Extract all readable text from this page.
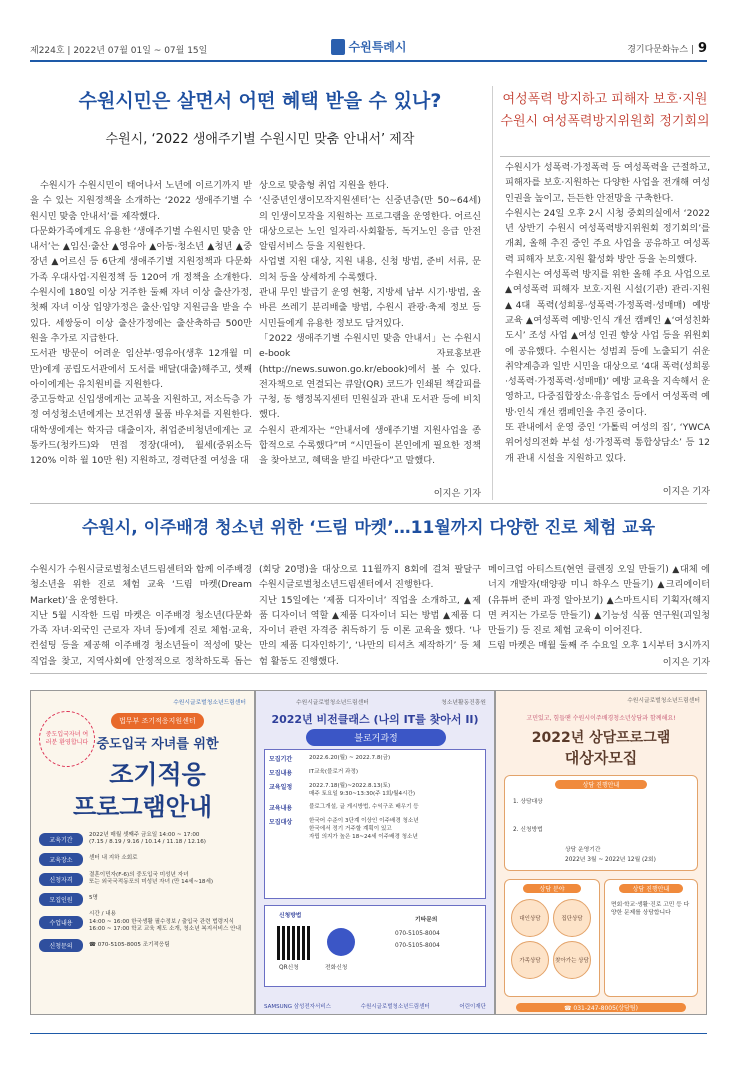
제224호 | 2022년 07월 01일 ~ 07월 15일	수원특례시	경기다문화뉴스 | 9
수원시민은 살면서 어떤 혜택 받을 수 있나?
수원시, ‘2022 생애주기별 수원시민 맞춤 안내서’ 제작
수원시가 수원시민이 태어나서 노년에 이르기까지 받을 수 있는 지원정책을 소개하는 ‘2022 생애주기별 수원시민 맞춤 안내서’를 제작했다.
다문화가족에게도 유용한 ‘생애주기별 수원시민 맞춤 안내서’는 ▲임신·출산 ▲영유아 ▲아동·청소년 ▲청년 ▲중장년 ▲어르신 등 6단계 생애주기별 지원정책과 다문화가족 우대사업·지원정책 등 120여 개 정책을 소개한다. 수원시에 180일 이상 거주한 둘째 자녀 이상 출산가정, 첫째 자녀 이상 입양가정은 출산·입양 지원금을 받을 수 있다. 세쌍둥이 이상 출산가정에는 출산축하금 500만 원을 추가로 지급한다.
도서관 방문이 어려운 임산부·영유아(생후 12개월 미만)에게 공립도서관에서 도서를 배달(대출)해주고, 셋째 아이에게는 유치원비를 지원한다.
중고등학교 신입생에게는 교복을 지원하고, 저소득층 가정 여성청소년에게는 보건위생 물품 바우처를 지원한다. 대학생에게는 학자금 대출이자, 취업준비청년에게는 교통카드(청카드)와 면접 정장(대여), 월세(중위소득 120% 이하 월 10만 원) 지원하고, 경력단절 여성을 대
상으로 맞춤형 취업 지원을 한다.
‘신중년인생이모작지원센터’는 신중년층(만 50~64세)의 인생이모작을 지원하는 프로그램을 운영한다. 어르신 대상으로는 노인 일자리·사회활동, 독거노인 응급 안전 알림서비스 등을 지원한다.
사업별 지원 대상, 지원 내용, 신청 방법, 준비 서류, 문의처 등을 상세하게 수록했다.
관내 무인 발급기 운영 현황, 지방세 납부 시기·방법, 올바른 쓰레기 분리배출 방법, 수원시 관광·축제 정보 등 시민들에게 유용한 정보도 담겨있다.
「2022 생애주기별 수원시민 맞춤 안내서」는 수원시 e-book 자료홍보관(http://news.suwon.go.kr/ebook)에서 볼 수 있다. 전자책으로 연결되는 큐알(QR) 코드가 인쇄된 책갈피를 구청, 동 행정복지센터 민원실과 관내 도서관 등에 비치했다.
수원시 관계자는 “안내서에 생애주기별 지원사업을 종합적으로 수록했다”며 “시민들이 본인에게 필요한 정책을 찾아보고, 혜택을 받길 바란다”고 말했다.
이지은 기자
여성폭력 방지하고 피해자 보호·지원
수원시 여성폭력방지위원회 정기회의
수원시가 성폭력·가정폭력 등 여성폭력을 근절하고, 피해자를 보호·지원하는 다양한 사업을 전개해 여성 인권을 높이고, 든든한 안전망을 구축한다.
수원시는 24일 오후 2시 시청 중회의실에서 ‘2022년 상반기 수원시 여성폭력방지위원회 정기회의’를 개최, 올해 추진 중인 주요 사업을 공유하고 여성폭력 피해자 보호·지원 활성화 방안 등을 논의했다.
수원시는 여성폭력 방지를 위한 올해 주요 사업으로 ▲여성폭력 피해자 보호·지원 시설(기관) 관리·지원 ▲4대 폭력(성희롱·성폭력·가정폭력·성매매) 예방 교육 ▲여성폭력 예방·인식 개선 캠페인 ▲‘여성친화도시’ 조성 사업 ▲여성 인권 향상 사업 등을 위원회에 공유했다. 수원시는 성범죄 등에 노출되기 쉬운 취약계층과 일반 시민을 대상으로 ‘4대 폭력(성희롱·성폭력·가정폭력·성매매)’ 예방 교육을 지속해서 운영하고, 다중집합장소·유흥업소 등에서 여성폭력 예방·인식 개선 캠페인을 추진 중이다.
또 관내에서 운영 중인 ‘가톨릭 여성의 집’, ‘YWCA 위어성의전화 부설 성·가정폭력 통합상담소’ 등 12개 관내 시설을 지원하고 있다.
이지은 기자
수원시, 이주배경 청소년 위한 ‘드림 마켓’…11월까지 다양한 진로 체험 교육
수원시가 수원시글로벌청소년드림센터와 함께 이주배경 청소년을 위한 진로 체험 교육 ‘드림 마켓(Dream Market)’을 운영한다.
지난 5월 시작한 드림 마켓은 이주배경 청소년(다문화 가족 자녀·외국인 근로자 자녀 등)에게 진로 체험·교육, 컨설팅 등을 제공해 이주배경 청소년들이 적성에 맞는 직업을 찾고, 지역사회에 안정적으로 정착하도록 돕는
(회당 20명)을 대상으로 11월까지 8회에 걸쳐 팔달구 수원시글로벌청소년드림센터에서 진행한다.
지난 15일에는 ‘제품 디자이너’ 직업을 소개하고, ▲제품 디자이너 역할 ▲제품 디자이너 되는 방법 ▲제품 디자이너 관련 자격증 취득하기 등 이론 교육을 했다. ‘나만의 제품 디자인하기’, ‘나만의 티셔츠 제작하기’ 등 체험 활동도 진행했다.

메이크업 아티스트(현연 클렌징 오일 만들기) ▲대체 에너지 개발자(태양광 미니 하우스 만들기) ▲크리에이터(유튜버 준비 과정 알아보기) ▲스마트시티 기획자(해지면 켜지는 가로등 만들기) ▲기능성 식품 연구원(괴일청 만들기) 등 진로 체험 교육이 이어진다.
드림 마켓은 매월 둘째 주 수요일 오후 1시부터 3시까지
이지은 기자
수원시글로벌청소년드림센터
중도입국자녀 여러분 환영합니다
법무부 조기적응지원센터
중도입국 자녀를 위한
조기적응
프로그램안내
교육기간
2022년 매월 셋째주 금요일 14:00 ~ 17:00
(7.15 / 8.19 / 9.16 / 10.14 / 11.18 / 12.16)
교육장소	센터 내 지하 소회로
신청자격
결혼이민자(F-6)의 중도입국 미성년 자녀
또는 외국국적동포의 미성년 자녀 (만 14세~18세)
모집인원	5명
수업내용
시간 / 내용
14:00 ~ 16:00 한국생활 필수정보 / 출입국 관련 법령지식
16:00 ~ 17:00 학교 교육 제도 소개, 청소년 복지서비스 안내
신청문의	☎ 070-5105-8005 조기적응팀
수원시글로벌청소년드림센터	청소년활동진흥원
2022년 비전클래스 (나의 IT를 찾아서 II)
블로거과정
모집기간	2022.6.20(월) ~ 2022.7.8(금)
모집내용	IT교육(블로거 과정)
교육일정	2022.7.18(월)~2022.8.13(토)
매주 토요일 9:30~13:30(주 1회/월4시간)
교육내용	블로그개설, 글 게시방법, 수익구조 배우기 등
모집대상	한국어 수준이 3단계 이상인 이주배경 청소년
한국에서 정기 거주할 계획이 있고
자립 의지가 높은 18~24세 이주배경 청소년
신청방법
QR신청	전화신청
기타문의
070-5105-8004
070-5105-8004
SAMSUNG 삼성전자서비스	수원시글로벌청소년드림센터	어린이재단
수원시글로벌청소년드림센터
고민있고, 힘들땐 수원시이주배경청소년상담과 함께해요!
2022년 상담프로그램
대상자모집
상담 진행안내
1. 상담대상
2. 신청방법
상담 운영기간
2022년 3월 ~ 2022년 12월 (2회)
상담 분야
대인상담	집단상담
가족상담	찾아가는 상담
상담 진행안내
면회·학교·생활·진로 고민 등 다양한 문제를 상담합니다
☎ 031-247-8005(상담팀)
